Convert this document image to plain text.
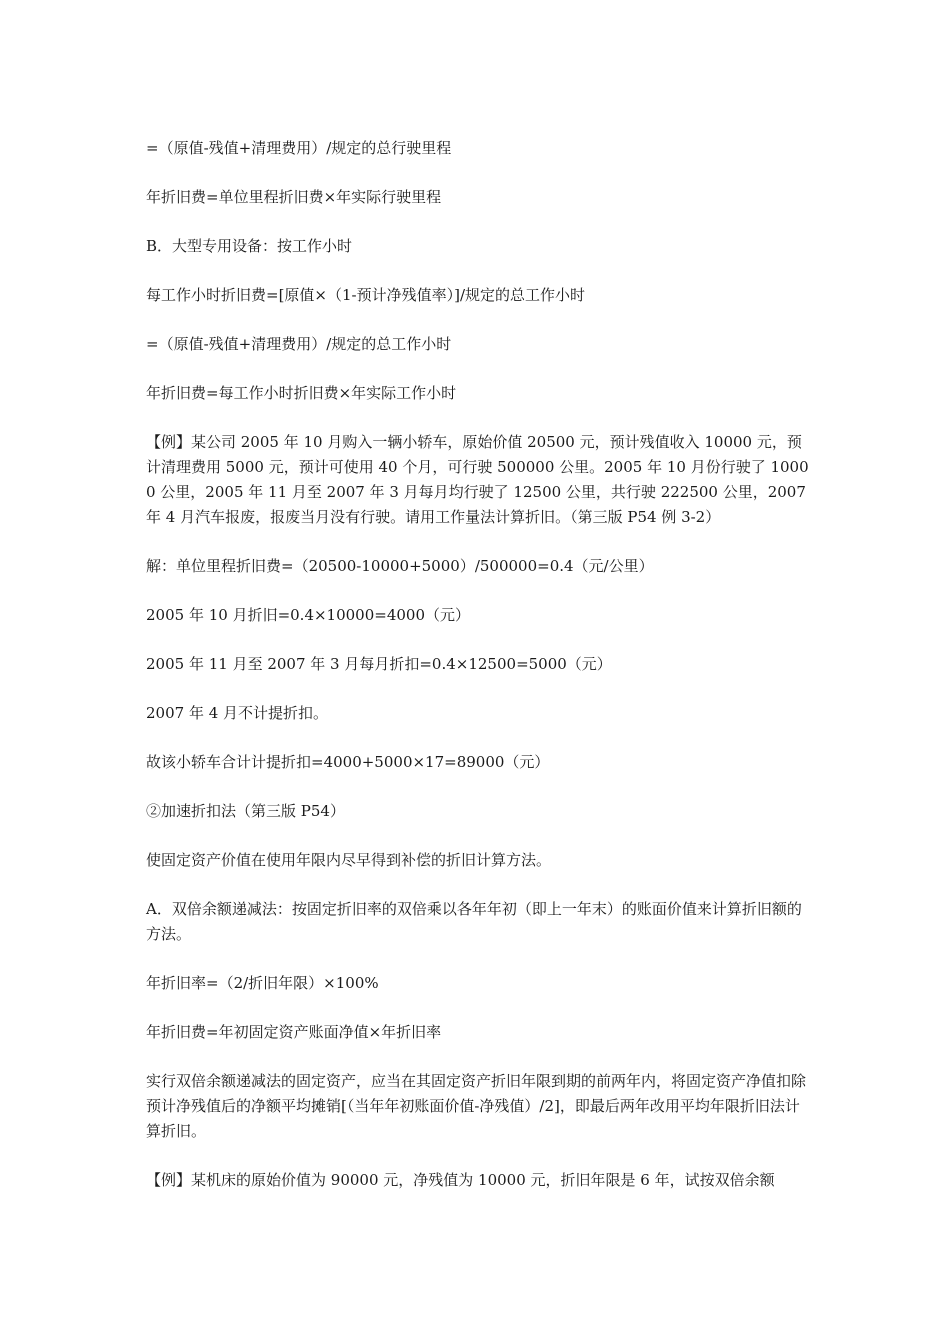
=（原值-残值+清理费用）/规定的总行驶里程

年折旧费=单位里程折旧费×年实际行驶里程

B．大型专用设备：按工作小时

每工作小时折旧费=[原值×（1-预计净残值率）]/规定的总工作小时

=（原值-残值+清理费用）/规定的总工作小时

年折旧费=每工作小时折旧费×年实际工作小时

【例】某公司 2005 年 10 月购入一辆小轿车，原始价值 20500 元，预计残值收入 10000 元，预计清理费用 5000 元，预计可使用 40 个月，可行驶 500000 公里。2005 年 10 月份行驶了 10000 公里，2005 年 11 月至 2007 年 3 月每月均行驶了 12500 公里，共行驶 222500 公里，2007 年 4 月汽车报废，报废当月没有行驶。请用工作量法计算折旧。（第三版 P54 例 3-2）

解：单位里程折旧费=（20500-10000+5000）/500000=0.4（元/公里）

2005 年 10 月折旧=0.4×10000=4000（元）

2005 年 11 月至 2007 年 3 月每月折扣=0.4×12500=5000（元）

2007 年 4 月不计提折扣。

故该小轿车合计计提折扣=4000+5000×17=89000（元）

②加速折扣法（第三版 P54）

使固定资产价值在使用年限内尽早得到补偿的折旧计算方法。

A．双倍余额递减法：按固定折旧率的双倍乘以各年年初（即上一年末）的账面价值来计算折旧额的方法。

年折旧率=（2/折旧年限）×100%

年折旧费=年初固定资产账面净值×年折旧率

实行双倍余额递减法的固定资产，应当在其固定资产折旧年限到期的前两年内，将固定资产净值扣除预计净残值后的净额平均摊销[（当年年初账面价值-净残值）/2]，即最后两年改用平均年限折旧法计算折旧。

【例】某机床的原始价值为 90000 元，净残值为 10000 元，折旧年限是 6 年，试按双倍余额
